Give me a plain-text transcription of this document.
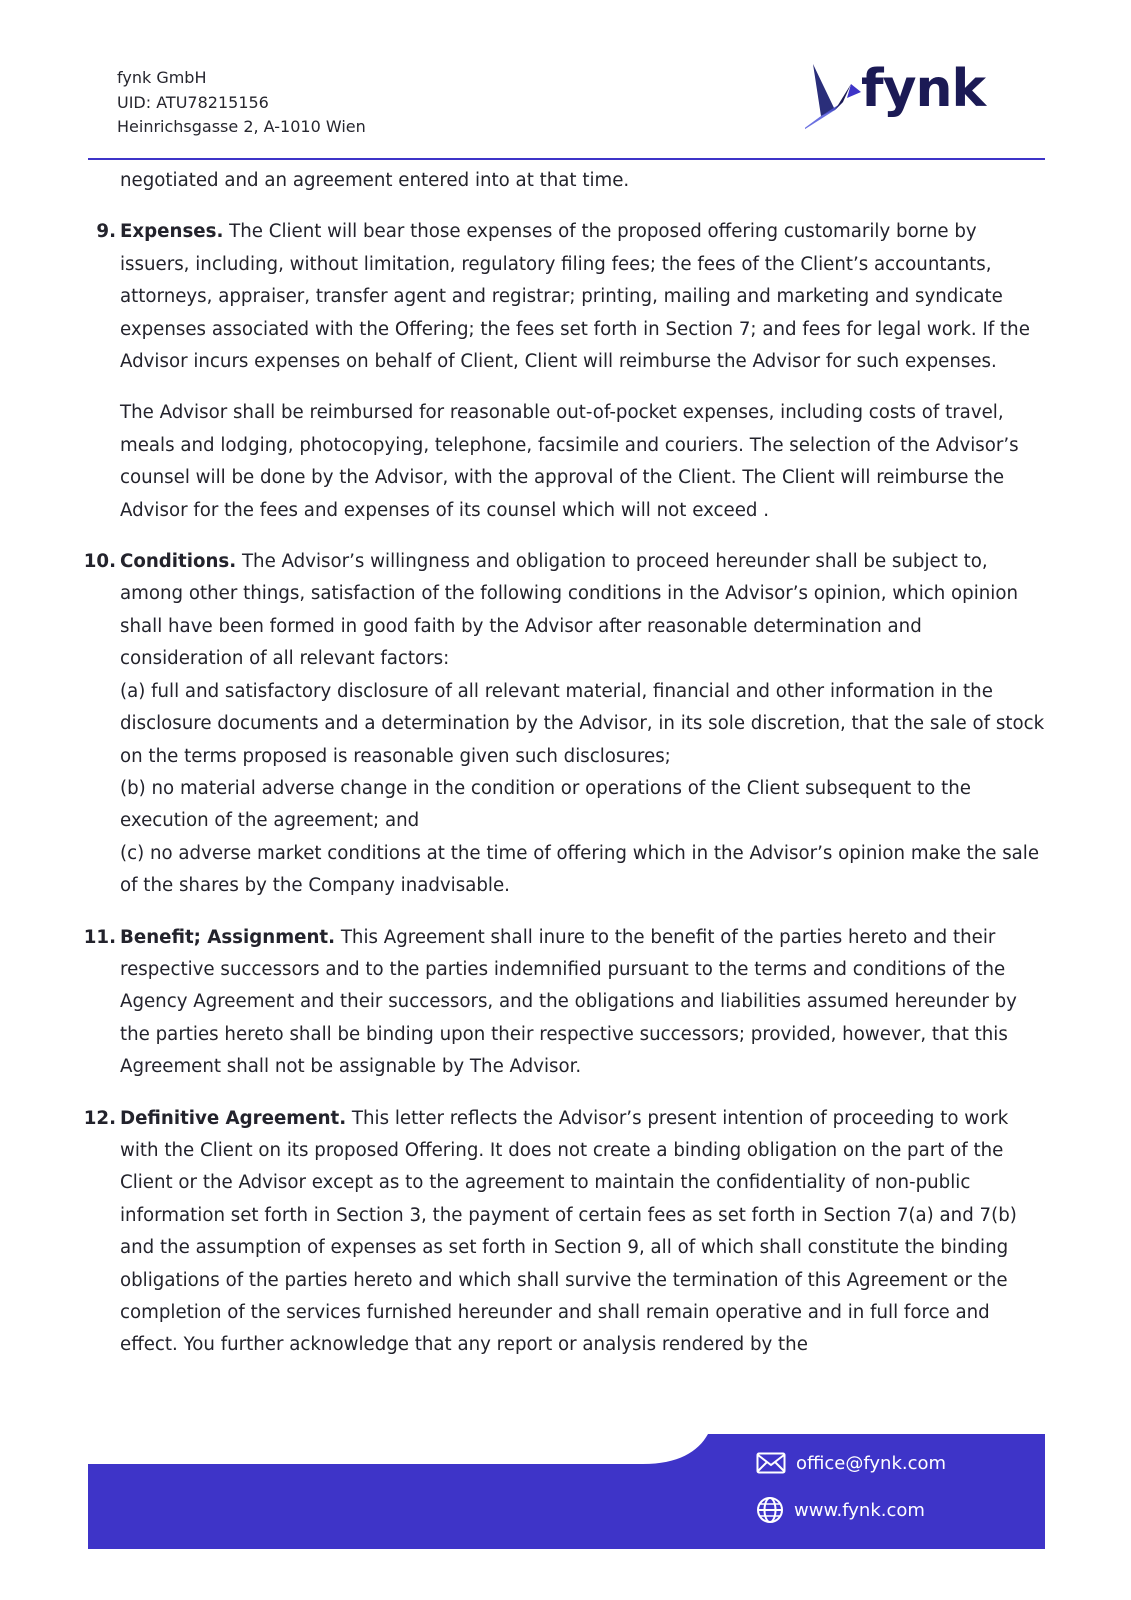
fynk GmbH
UID: ATU78215156
Heinrichsgasse 2, A-1010 Wien
fynk

negotiated and an agreement entered into at that time.

9. Expenses. The Client will bear those expenses of the proposed offering customarily borne by issuers, including, without limitation, regulatory filing fees; the fees of the Client’s accountants, attorneys, appraiser, transfer agent and registrar; printing, mailing and marketing and syndicate expenses associated with the Offering; the fees set forth in Section 7; and fees for legal work. If the Advisor incurs expenses on behalf of Client, Client will reimburse the Advisor for such expenses.

The Advisor shall be reimbursed for reasonable out-of-pocket expenses, including costs of travel, meals and lodging, photocopying, telephone, facsimile and couriers. The selection of the Advisor’s counsel will be done by the Advisor, with the approval of the Client. The Client will reimburse the Advisor for the fees and expenses of its counsel which will not exceed .

10. Conditions. The Advisor’s willingness and obligation to proceed hereunder shall be subject to, among other things, satisfaction of the following conditions in the Advisor’s opinion, which opinion shall have been formed in good faith by the Advisor after reasonable determination and consideration of all relevant factors:

(a) full and satisfactory disclosure of all relevant material, financial and other information in the disclosure documents and a determination by the Advisor, in its sole discretion, that the sale of stock on the terms proposed is reasonable given such disclosures;

(b) no material adverse change in the condition or operations of the Client subsequent to the execution of the agreement; and

(c) no adverse market conditions at the time of offering which in the Advisor’s opinion make the sale of the shares by the Company inadvisable.

11. Benefit; Assignment. This Agreement shall inure to the benefit of the parties hereto and their respective successors and to the parties indemnified pursuant to the terms and conditions of the Agency Agreement and their successors, and the obligations and liabilities assumed hereunder by the parties hereto shall be binding upon their respective successors; provided, however, that this Agreement shall not be assignable by The Advisor.

12. Definitive Agreement. This letter reflects the Advisor’s present intention of proceeding to work with the Client on its proposed Offering. It does not create a binding obligation on the part of the Client or the Advisor except as to the agreement to maintain the confidentiality of non-public information set forth in Section 3, the payment of certain fees as set forth in Section 7(a) and 7(b) and the assumption of expenses as set forth in Section 9, all of which shall constitute the binding obligations of the parties hereto and which shall survive the termination of this Agreement or the completion of the services furnished hereunder and shall remain operative and in full force and effect. You further acknowledge that any report or analysis rendered by the

office@fynk.com
www.fynk.com
